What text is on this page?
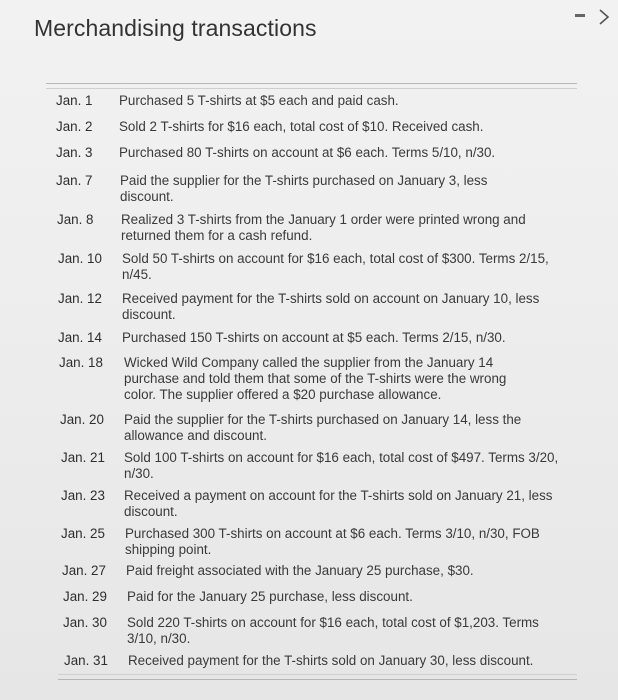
Merchandising transactions
Jan. 1 Purchased 5 T-shirts at $5 each and paid cash.
Jan. 2 Sold 2 T-shirts for $16 each, total cost of $10. Received cash.
Jan. 3 Purchased 80 T-shirts on account at $6 each. Terms 5/10, n/30.
Jan. 7 Paid the supplier for the T-shirts purchased on January 3, less discount.
Jan. 8 Realized 3 T-shirts from the January 1 order were printed wrong and returned them for a cash refund.
Jan. 10 Sold 50 T-shirts on account for $16 each, total cost of $300. Terms 2/15, n/45.
Jan. 12 Received payment for the T-shirts sold on account on January 10, less discount.
Jan. 14 Purchased 150 T-shirts on account at $5 each. Terms 2/15, n/30.
Jan. 18 Wicked Wild Company called the supplier from the January 14 purchase and told them that some of the T-shirts were the wrong color. The supplier offered a $20 purchase allowance.
Jan. 20 Paid the supplier for the T-shirts purchased on January 14, less the allowance and discount.
Jan. 21 Sold 100 T-shirts on account for $16 each, total cost of $497. Terms 3/20, n/30.
Jan. 23 Received a payment on account for the T-shirts sold on January 21, less discount.
Jan. 25 Purchased 300 T-shirts on account at $6 each. Terms 3/10, n/30, FOB shipping point.
Jan. 27 Paid freight associated with the January 25 purchase, $30.
Jan. 29 Paid for the January 25 purchase, less discount.
Jan. 30 Sold 220 T-shirts on account for $16 each, total cost of $1,203. Terms 3/10, n/30.
Jan. 31 Received payment for the T-shirts sold on January 30, less discount.
